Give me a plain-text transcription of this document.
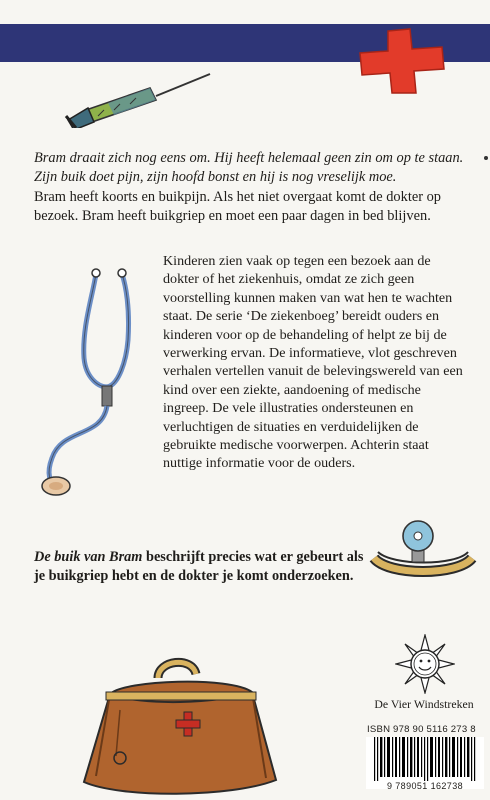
Bram draait zich nog eens om. Hij heeft helemaal geen zin om op te staan. Zijn buik doet pijn, zijn hoofd bonst en hij is nog vreselijk moe.

Bram heeft koorts en buikpijn. Als het niet overgaat komt de dokter op bezoek. Bram heeft buikgriep en moet een paar dagen in bed blijven.

Kinderen zien vaak op tegen een bezoek aan de dokter of het ziekenhuis, omdat ze zich geen voorstelling kunnen maken van wat hen te wachten staat. De serie ‘De ziekenboeg’ bereidt ouders en kinderen voor op de behandeling of helpt ze bij de verwerking ervan. De informatieve, vlot geschreven verhalen vertellen vanuit de belevingswereld van een kind over een ziekte, aandoening of medische ingreep. De vele illustraties ondersteunen en verluchtigen de situaties en verduidelijken de gebruikte medische voorwerpen. Achterin staat nuttige informatie voor de ouders.

De buik van Bram beschrijft precies wat er gebeurt als je buikgriep hebt en de dokter je komt onderzoeken.

De Vier Windstreken
ISBN 978 90 5116 273 8
9 789051 162738
